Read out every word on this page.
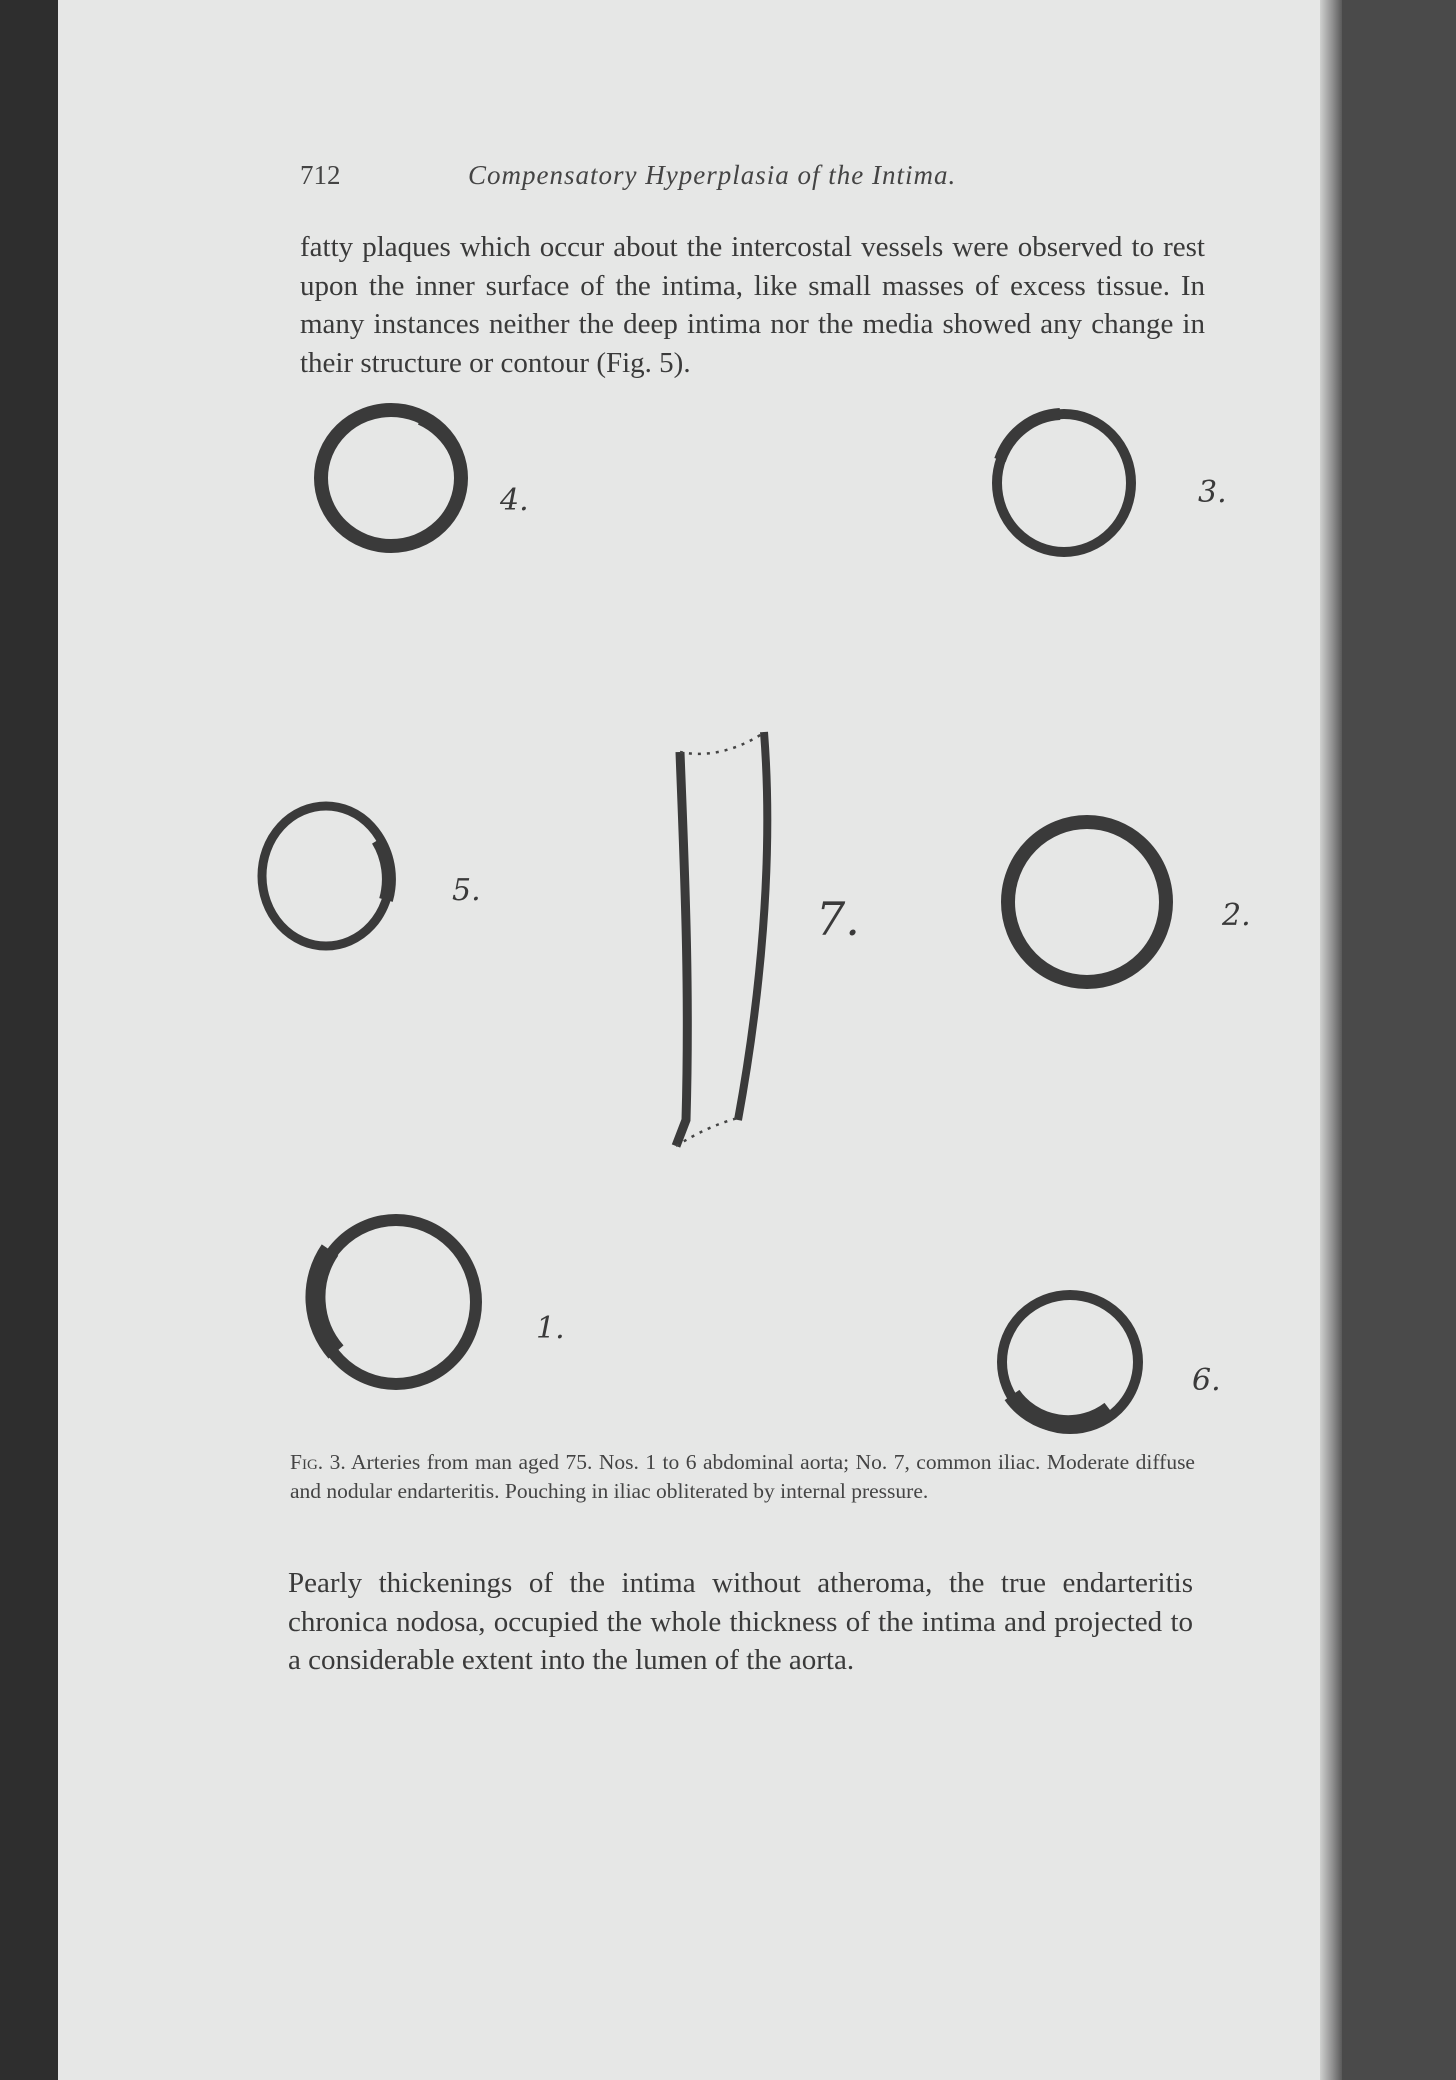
712	Compensatory Hyperplasia of the Intima.

fatty plaques which occur about the intercostal vessels were observed to rest upon the inner surface of the intima, like small masses of excess tissue. In many instances neither the deep intima nor the media showed any change in their structure or contour (Fig. 5).

4.	3.
5.
7.	2.
1.
6.
Fig. 3. Arteries from man aged 75. Nos. 1 to 6 abdominal aorta; No. 7, common iliac. Moderate diffuse and nodular endarteritis. Pouching in iliac obliterated by internal pressure.

Pearly thickenings of the intima without atheroma, the true endarteritis chronica nodosa, occupied the whole thickness of the intima and projected to a considerable extent into the lumen of the aorta.
